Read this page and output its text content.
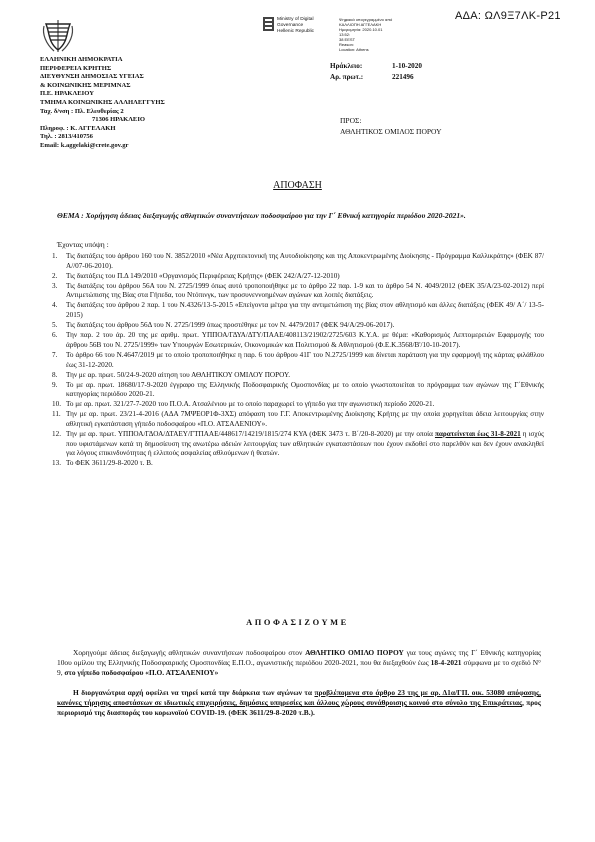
ΑΔΑ: ΩΛ9Ξ7ΛΚ-Ρ21
ΕΛΛΗΝΙΚΗ ΔΗΜΟΚΡΑΤΙΑ
ΠΕΡΙΦΕΡΕΙΑ ΚΡΗΤΗΣ
ΔΙΕΥΘΥΝΣΗ ΔΗΜΟΣΙΑΣ ΥΓΕΙΑΣ
& ΚΟΙΝΩΝΙΚΗΣ ΜΕΡΙΜΝΑΣ
Π.Ε. ΗΡΑΚΛΕΙΟΥ
ΤΜΗΜΑ ΚΟΙΝΩΝΙΚΗΣ ΑΛΛΗΛΕΓΓΥΗΣ
Ταχ. δ/νση : Πλ. Ελευθερίας 2
71306 ΗΡΑΚΛΕΙΟ
Πληροφ. : Κ. ΑΓΓΕΛΑΚΗ
Τηλ. : 2813/410756
Email: k.aggelaki@crete.gov.gr
Ministry of Digital
Governance
Hellenic Republic
Ψηφιακά υπογεγραμμένο από
ΚΑΛΛΙΟΠΗ ΑΓΓΕΛΑΚΗ
Ημερομηνία: 2020.10.01
13:52:
38 EEST
Reason:
Location: Athens
Ηράκλειο:	1-10-2020
Αρ. πρωτ.:	221496
ΠΡΟΣ:
ΑΘΛΗΤΙΚΟΣ ΟΜΙΛΟΣ ΠΟΡΟΥ
ΑΠΟΦΑΣΗ
ΘΕΜΑ : Χορήγηση άδειας διεξαγωγής αθλητικών συναντήσεων ποδοσφαίρου για την Γ΄ Εθνική κατηγορία περιόδου 2020-2021».
Έχοντας υπόψη :
1. Τις διατάξεις του άρθρου 160 του Ν. 3852/2010 «Νέα Αρχιτεκτονική της Αυτοδιοίκησης και της Αποκεντρωμένης Διοίκησης - Πρόγραμμα Καλλικράτης» (ΦΕΚ 87/Α//07-06-2010).
2. Τις διατάξεις του Π.Δ 149/2010 «Οργανισμός Περιφέρειας Κρήτης» (ΦΕΚ 242/Α/27-12-2010)
3. Τις διατάξεις του άρθρου 56Α του Ν. 2725/1999 όπως αυτό τροποποιήθηκε με το άρθρο 22 παρ. 1-9 και το άρθρο 54 Ν. 4049/2012 (ΦΕΚ 35/Α/23-02-2012) περί Αντιμετώπισης της Βίας στα Γήπεδα, του Ντόπινγκ, των προσυνεννοημένων αγώνων και λοιπές διατάξεις.
4. Τις διατάξεις του άρθρου 2 παρ. 1 του Ν.4326/13-5-2015 «Επείγοντα μέτρα για την αντιμετώπιση της βίας στον αθλητισμό και άλλες διατάξεις (ΦΕΚ 49/ Α΄/ 13-5-2015)
5. Τις διατάξεις του άρθρου 56Δ του Ν. 2725/1999 όπως προστέθηκε με τον Ν. 4479/2017 (ΦΕΚ 94/Α/29-06-2017).
6. Την παρ. 2 του άρ. 20 της με αριθμ. πρωτ. ΥΠΠΟΑ/ΓΔΥΑ/ΔΤΥ/ΠΑΑΕ/408113/21902/2725/603 Κ.Υ.Α. με θέμα: «Καθορισμός Λεπτομερειών Εφαρμογής του άρθρου 56Β του Ν. 2725/1999» των Υπουργών Εσωτερικών, Οικονομικών και Πολιτισμού & Αθλητισμού (Φ.Ε.Κ.3568/Β'/10-10-2017).
7. Το άρθρο 66 του Ν.4647/2019 με το οποίο τροποποιήθηκε η παρ. 6 του άρθρου 41Γ του Ν.2725/1999 και δίνεται παράταση για την εφαρμογή της κάρτας φιλάθλου έως 31-12-2020.
8. Την με αρ. πρωτ. 50/24-9-2020 αίτηση του ΑΘΛΗΤΙΚΟΥ ΟΜΙΛΟΥ ΠΟΡΟΥ.
9. Το με αρ. πρωτ. 18680/17-9-2020 έγγραφο της Ελληνικής Ποδοσφαιρικής Ομοσπονδίας με το οποίο γνωστοποιείται το πρόγραμμα των αγώνων της Γ΄Εθνικής κατηγορίας περιόδου 2020-21.
10. Το με αρ. πρωτ. 321/27-7-2020 του Π.Ο.Α. Ατσαλένιου με το οποίο παραχωρεί το γήπεδο για την αγωνιστική περίοδο 2020-21.
11. Την με αρ. πρωτ. 23/21-4-2016 (ΑΔΑ 7ΜΨΕΟΡ1Φ-3ΧΣ) απόφαση του Γ.Γ. Αποκεντρωμένης Διοίκησης Κρήτης με την οποία χορηγείται άδεια λειτουργίας στην αθλητική εγκατάσταση γήπεδο ποδοσφαίρου «Π.Ο. ΑΤΣΑΛΕΝΙΟΥ».
12. Την με αρ. πρωτ. ΥΠΠΟΑ/ΓΔΟΑ/ΔΤΑΕΥ/ΓΤΠΑΑΕ/448617/14219/1815/274 ΚΥΑ (ΦΕΚ 3473 τ. Β΄/20-8-2020) με την οποία παρατείνεται έως 31-8-2021 η ισχύς που υφιστάμενων κατά τη δημοσίευση της ανωτέρω αδειών λειτουργίας των αθλητικών εγκαταστάσεων που έχουν εκδοθεί στο παρελθόν και δεν έχουν ανακληθεί για λόγους επικινδυνότητας ή ελλιπούς ασφαλείας αθλούμενων ή θεατών.
13. Το ΦΕΚ 3611/29-8-2020 τ. Β.
ΑΠΟΦΑΣΙΖΟΥΜΕ
Χορηγούμε άδειας διεξαγωγής αθλητικών συναντήσεων ποδοσφαίρου στον ΑΘΛΗΤΙΚΟ ΟΜΙΛΟ ΠΟΡΟΥ για τους αγώνες της Γ΄ Εθνικής κατηγορίας 10ου ομίλου της Ελληνικής Ποδοσφαιρικής Ομοσπονδίας Ε.Π.Ο., αγωνιστικής περιόδου 2020-2021, που θα διεξαχθούν έως 18-4-2021 σύμφωνα με το σχεδιό Ν° 9, στο γήπεδο ποδοσφαίρου «Π.Ο. ΑΤΣΑΛΕΝΙΟΥ»
Η διοργανώτρια αρχή οφείλει να τηρεί κατά την διάρκεια των αγώνων τα προβλέπομενα στο άρθρο 23 της με αρ. Δ1α/ΓΠ. οικ. 53080 απόφασης, κανόνες τήρησης αποστάσεων σε ιδιωτικές επιχειρήσεις, δημόσιες υπηρεσίες και άλλους χώρους συνάθροισης κοινού στο σύνολο της Επικράτειας, προς περιορισμό της διασποράς του κορωνοϊού COVID-19. (ΦΕΚ 3611/29-8-2020 τ.Β.).
